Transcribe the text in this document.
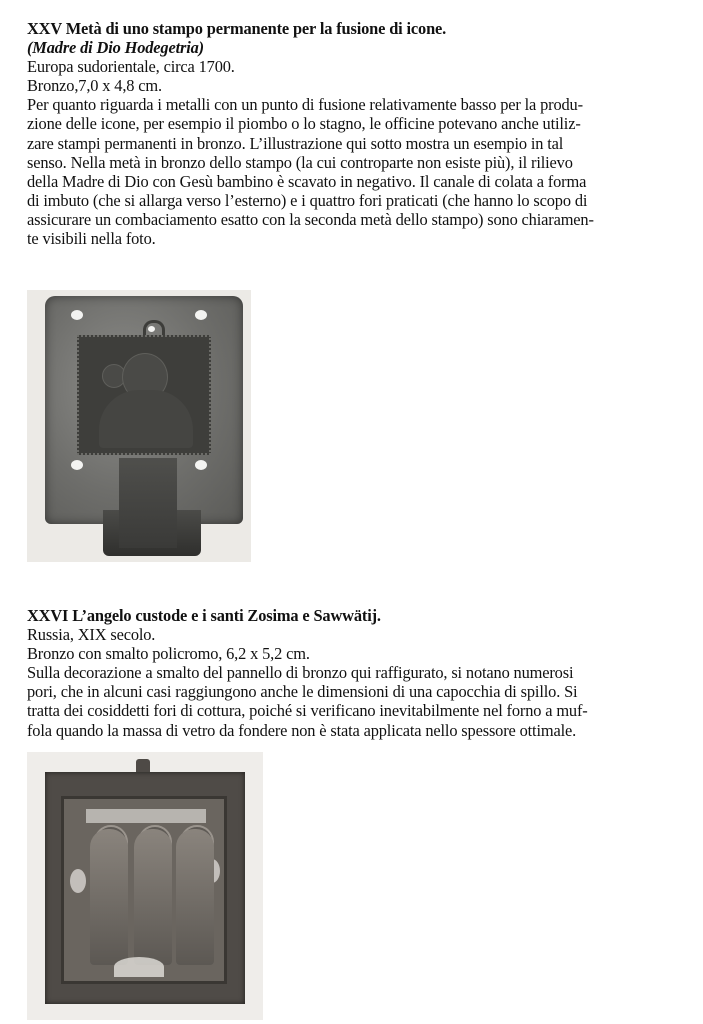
XXV Metà di uno stampo permanente per la fusione di icone.
(Madre di Dio Hodegetria)
Europa sudorientale, circa 1700.
Bronzo,7,0 x 4,8 cm.
Per quanto riguarda i metalli con un punto di fusione relativamente basso per la produ-
zione delle icone, per esempio il piombo o lo stagno, le officine potevano anche utiliz-
zare stampi permanenti in bronzo. L’illustrazione qui sotto mostra un esempio in tal
senso. Nella metà in bronzo dello stampo (la cui controparte non esiste più), il rilievo
della Madre di Dio con Gesù bambino è scavato in negativo. Il canale di colata a forma
di imbuto (che si allarga verso l’esterno) e i quattro fori praticati (che hanno lo scopo di
assicurare un combaciamento esatto con la seconda metà dello stampo) sono chiaramen-
te visibili nella foto.
XXVI L’angelo custode e i santi Zosima e Sawwätij.
Russia, XIX secolo.
Bronzo con smalto policromo, 6,2 x 5,2 cm.
Sulla decorazione a smalto del pannello di bronzo qui raffigurato, si notano numerosi
pori, che in alcuni casi raggiungono anche le dimensioni di una capocchia di spillo. Si
tratta dei cosiddetti fori di cottura, poiché si verificano inevitabilmente nel forno a muf-
fola quando la massa di vetro da fondere non è stata applicata nello spessore ottimale.
